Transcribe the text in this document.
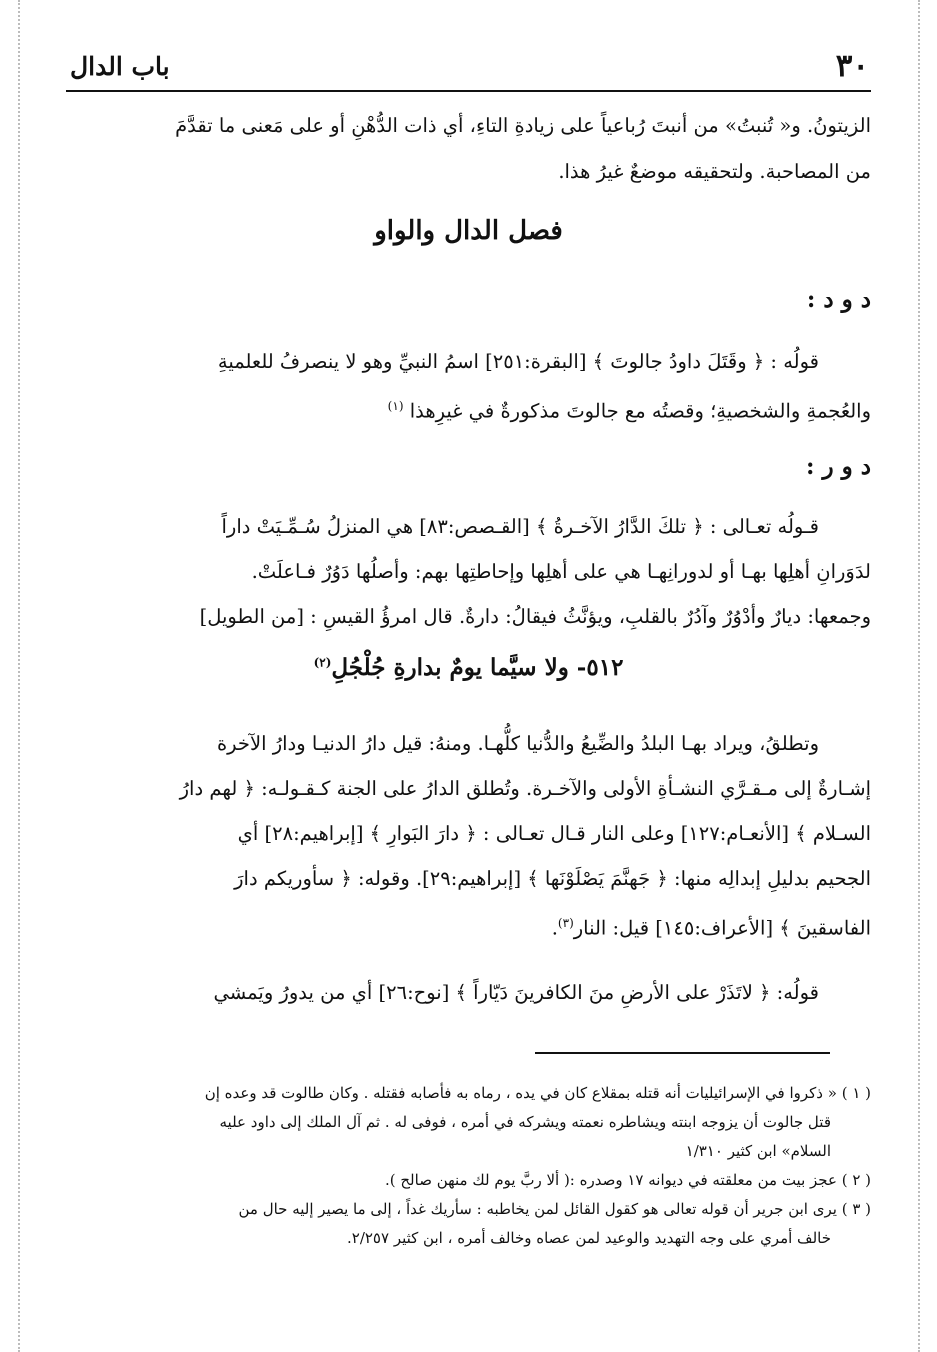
٣٠
باب الدال

الزيتونُ. و« تُنبتُ» من أنبتَ رُباعياً على زيادةِ التاءِ، أي ذات الدُّهْنِ أو على مَعنى ما تقدَّمَ

من المصاحبة. ولتحقيقه موضعٌ غيرُ هذا.

فصل الدال والواو
د و د :
قولُه : ﴿ وقَتَلَ داودُ جالوتَ ﴾ [البقرة:٢٥١] اسمُ النبيِّ وهو لا ينصرفُ للعلميةِ
والعُجمةِ والشخصيةِ؛ وقصتُه مع جالوتَ مذكورةٌ في غيرِهذا $^{(١)}$
د و ر :
قـولُه تعـالى : ﴿ تلكَ الدَّارُ الآخـرةُ ﴾ [القـصص:٨٣] هي المنزلُ سُـمِّـيَتْ داراً
لدَوَرانِ أهلِها بهـا أو لدورانِهـا هي على أهلِها وإحاطتِها بهم: وأصلُها دَوُرٌ فـاعلَتْ.
وجمعها: ديارٌ وأدْوُرٌ وآدُرٌ بالقلبِ، ويؤنَّثُ فيقالُ: دارةٌ. قال امرؤُ القيسِ : [من الطويل]
٥١٢- ولا سيَّما يومٌ بدارةِ جُلْجُلِ$^{(٢)}$
وتطلقُ، ويراد بهـا البلدُ والضِّيعُ والدُّنيا كلُّهـا. ومنهُ: قيل دارُ الدنيـا ودارُ الآخرة
إشـارةٌ إلى مـقـرَّي النشـأةِ الأولى والآخـرة. وتُطلق الدارُ على الجنة كـقـولـه: ﴿ لهم دارُ
السـلام ﴾ [الأنعـام:١٢٧] وعلى النار قـال تعـالى : ﴿ دارَ البَوارِ ﴾ [إبراهيم:٢٨] أي
الجحيم بدليلِ إبدالِه منها: ﴿ جَهنَّمَ يَصْلَوْنَها ﴾ [إبراهيم:٢٩]. وقوله: ﴿ سأوريكم دارَ
الفاسقينَ ﴾ [الأعراف:١٤٥] قيل: النار$^{(٣)}$.
قولُه: ﴿ لاتَذَرْ على الأرضِ منَ الكافرينَ دَيّاراً ﴾ [نوح:٢٦] أي من يدورُ ويَمشي

( ١ ) « ذكروا في الإسرائيليات أنه قتله بمقلاع كان في يده ، رماه به فأصابه فقتله . وكان طالوت قد وعده إن

قتل جالوت أن يزوجه ابنته ويشاطره نعمته ويشركه في أمره ، فوفى له . ثم آل الملك إلى داود عليه

السلام» ابن كثير ١/٣١٠

( ٢ ) عجز بيت من معلقته في ديوانه ١٧ وصدره :( ألا ربَّ يوم لك منهن صالح ).

( ٣ ) يرى ابن جرير أن قوله تعالى هو كقول القائل لمن يخاطبه : سأريك غداً ، إلى ما يصير إليه حال من

خالف أمري على وجه التهديد والوعيد لمن عصاه وخالف أمره ، ابن كثير ٢/٢٥٧.
